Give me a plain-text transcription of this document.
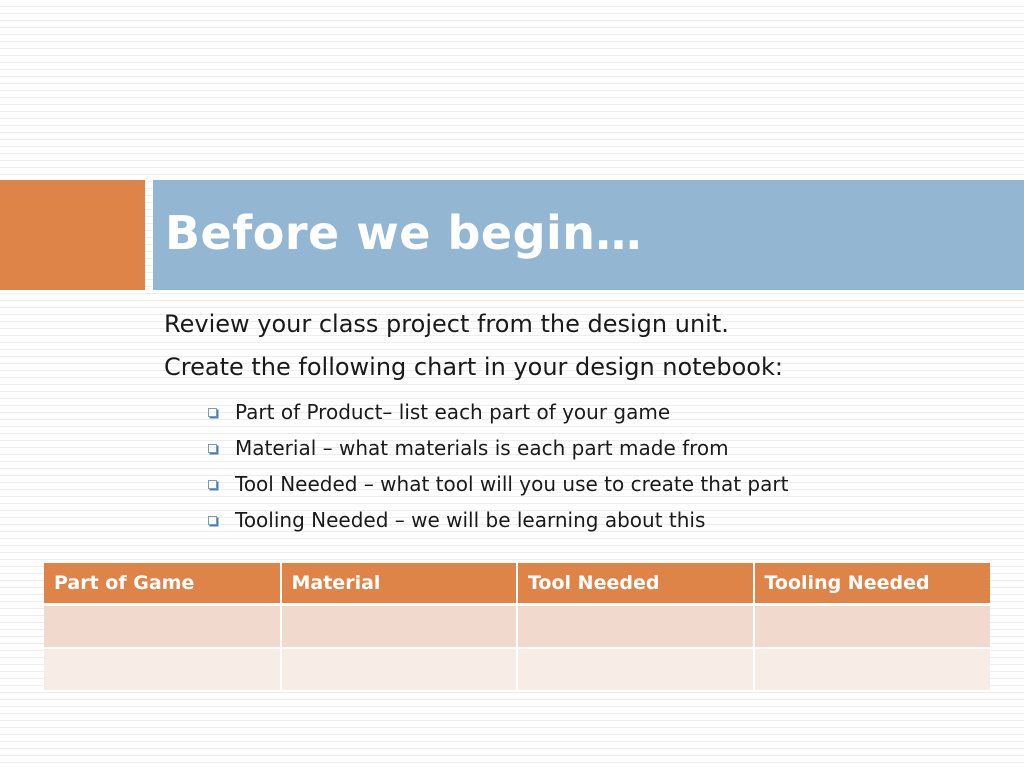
Before we begin…
Review your class project from the design unit.
Create the following chart in your design notebook:
Part of Product– list each part of your game
Material – what materials is each part made from
Tool Needed – what tool will you use to create that part
Tooling Needed – we will be learning about this
Part of Game	Material	Tool Needed	Tooling Needed
